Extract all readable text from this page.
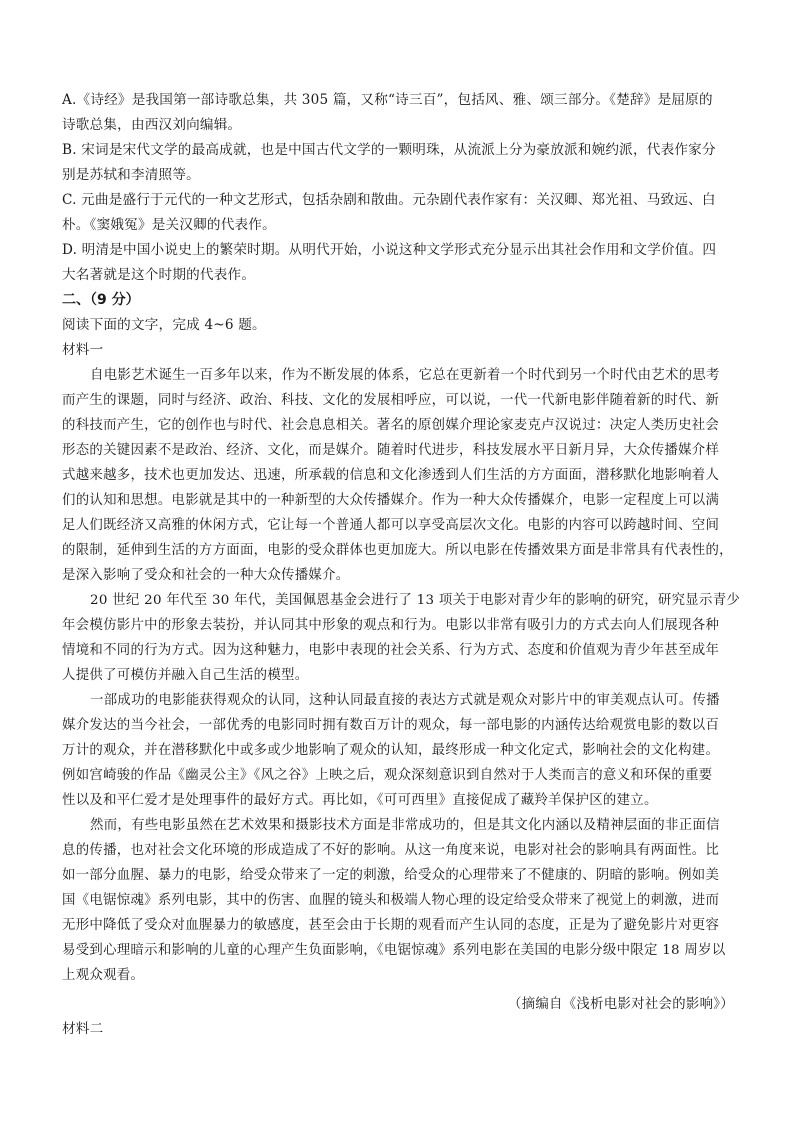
A.《诗经》是我国第一部诗歌总集，共 305 篇，又称“诗三百”，包括风、雅、颂三部分。《楚辞》是屈原的
诗歌总集，由西汉刘向编辑。
B. 宋词是宋代文学的最高成就，也是中国古代文学的一颗明珠，从流派上分为豪放派和婉约派，代表作家分
别是苏轼和李清照等。
C. 元曲是盛行于元代的一种文艺形式，包括杂剧和散曲。元杂剧代表作家有：关汉卿、郑光祖、马致远、白
朴。《窦娥冤》是关汉卿的代表作。
D. 明清是中国小说史上的繁荣时期。从明代开始，小说这种文学形式充分显示出其社会作用和文学价值。四
大名著就是这个时期的代表作。
二、（9 分）
阅读下面的文字，完成 4~6 题。
材料一
自电影艺术诞生一百多年以来，作为不断发展的体系，它总在更新着一个时代到另一个时代由艺术的思考
而产生的课题，同时与经济、政治、科技、文化的发展相呼应，可以说，一代一代新电影伴随着新的时代、新
的科技而产生，它的创作也与时代、社会息息相关。著名的原创媒介理论家麦克卢汉说过：决定人类历史社会
形态的关键因素不是政治、经济、文化，而是媒介。随着时代进步，科技发展水平日新月异，大众传播媒介样
式越来越多，技术也更加发达、迅速，所承载的信息和文化渗透到人们生活的方方面面，潜移默化地影响着人
们的认知和思想。电影就是其中的一种新型的大众传播媒介。作为一种大众传播媒介，电影一定程度上可以满
足人们既经济又高雅的休闲方式，它让每一个普通人都可以享受高层次文化。电影的内容可以跨越时间、空间
的限制，延伸到生活的方方面面，电影的受众群体也更加庞大。所以电影在传播效果方面是非常具有代表性的，
是深入影响了受众和社会的一种大众传播媒介。
20 世纪 20 年代至 30 年代，美国佩恩基金会进行了 13 项关于电影对青少年的影响的研究，研究显示青少
年会模仿影片中的形象去装扮，并认同其中形象的观点和行为。电影以非常有吸引力的方式去向人们展现各种
情境和不同的行为方式。因为这种魅力，电影中表现的社会关系、行为方式、态度和价值观为青少年甚至成年
人提供了可模仿并融入自己生活的模型。
一部成功的电影能获得观众的认同，这种认同最直接的表达方式就是观众对影片中的审美观点认可。传播
媒介发达的当今社会，一部优秀的电影同时拥有数百万计的观众，每一部电影的内涵传达给观赏电影的数以百
万计的观众，并在潜移默化中或多或少地影响了观众的认知，最终形成一种文化定式，影响社会的文化构建。
例如宫崎骏的作品《幽灵公主》《风之谷》上映之后，观众深刻意识到自然对于人类而言的意义和环保的重要
性以及和平仁爱才是处理事件的最好方式。再比如，《可可西里》直接促成了藏羚羊保护区的建立。
然而，有些电影虽然在艺术效果和摄影技术方面是非常成功的，但是其文化内涵以及精神层面的非正面信
息的传播，也对社会文化环境的形成造成了不好的影响。从这一角度来说，电影对社会的影响具有两面性。比
如一部分血腥、暴力的电影，给受众带来了一定的刺激，给受众的心理带来了不健康的、阴暗的影响。例如美
国《电锯惊魂》系列电影，其中的伤害、血腥的镜头和极端人物心理的设定给受众带来了视觉上的刺激，进而
无形中降低了受众对血腥暴力的敏感度，甚至会由于长期的观看而产生认同的态度，正是为了避免影片对更容
易受到心理暗示和影响的儿童的心理产生负面影响，《电锯惊魂》系列电影在美国的电影分级中限定 18 周岁以
上观众观看。
（摘编自《浅析电影对社会的影响》）
材料二
